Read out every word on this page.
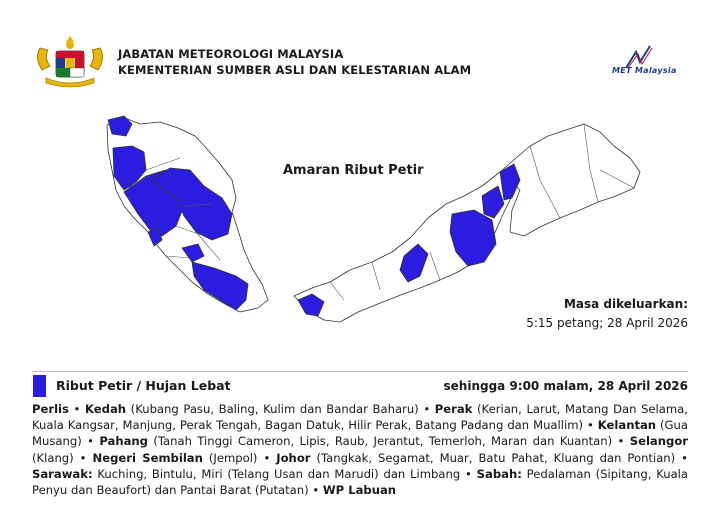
JABATAN METEOROLOGI MALAYSIA
KEMENTERIAN SUMBER ASLI DAN KELESTARIAN ALAM	MET Malaysia
Amaran Ribut Petir
Masa dikeluarkan:
5:15 petang; 28 April 2026
Ribut Petir / Hujan Lebat	sehingga 9:00 malam, 28 April 2026
Perlis • Kedah (Kubang Pasu, Baling, Kulim dan Bandar Baharu) • Perak (Kerian, Larut, Matang Dan Selama, Kuala Kangsar, Manjung, Perak Tengah, Bagan Datuk, Hilir Perak, Batang Padang dan Muallim) • Kelantan (Gua Musang) • Pahang (Tanah Tinggi Cameron, Lipis, Raub, Jerantut, Temerloh, Maran dan Kuantan) • Selangor (Klang) • Negeri Sembilan (Jempol) • Johor (Tangkak, Segamat, Muar, Batu Pahat, Kluang dan Pontian) • Sarawak: Kuching, Bintulu, Miri (Telang Usan dan Marudi) dan Limbang • Sabah: Pedalaman (Sipitang, Kuala Penyu dan Beaufort) dan Pantai Barat (Putatan) • WP Labuan
